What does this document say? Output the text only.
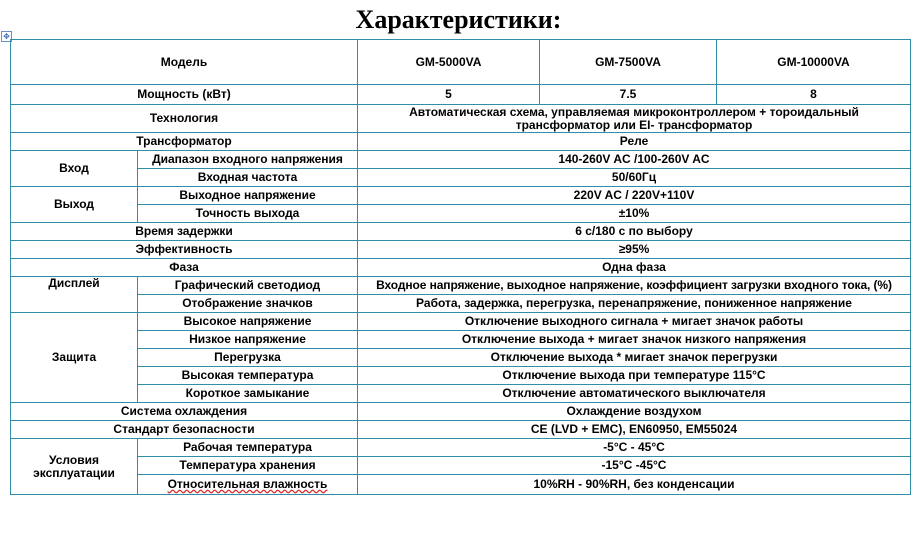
Характеристики:
✥
Модель		GM-5000VA	GM-7500VA	GM-10000VA
Мощность (кВт)		5	7.5	8
Технология		Автоматическая схема, управляемая микроконтроллером + тороидальный трансформатор или EI- трансформатор		
Трансформатор		Реле		
Вход	Диапазон входного напряжения	140-260V AC /100-260V AC		
	Входная частота	50/60Гц		
Выход	Выходное напряжение	220V AC / 220V+110V		
	Точность выхода	±10%		
Время задержки		6 с/180 с по выбору		
Эффективность		≥95%		
Фаза		Одна фаза		
Дисплей	Графический светодиод	Входное напряжение, выходное напряжение, коэффициент загрузки входного тока, (%)		

	Отображение значков	Работа, задержка, перегрузка, перенапряжение, пониженное напряжение		
Защита	Высокое напряжение	Отключение выходного сигнала + мигает значок работы		
	Низкое напряжение	Отключение выхода + мигает значок низкого напряжения		
	Перегрузка	Отключение выхода * мигает значок перегрузки		
	Высокая температура	Отключение выхода при температуре 115°C		
	Короткое замыкание	Отключение автоматического выключателя		
Система охлаждения		Охлаждение воздухом		
Стандарт безопасности		CE (LVD + EMC), EN60950, EM55024		
Условия эксплуатации	Рабочая температура	-5°C - 45°C		
	Температура хранения	-15°C -45°C		
	Относительная влажность	10%RH - 90%RH, без конденсации		
